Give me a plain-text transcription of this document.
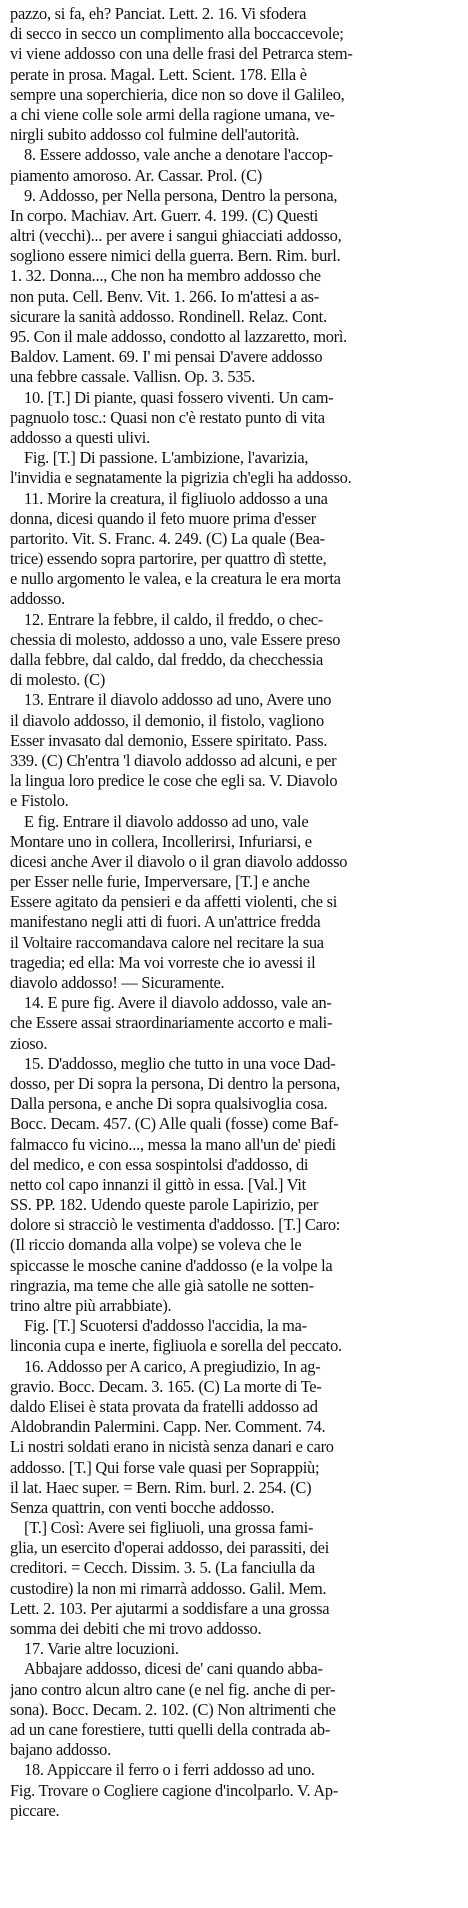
pazzo, si fa, eh? Panciat. Lett. 2. 16. Vi sfodera
di secco in secco un complimento alla boccaccevole;
vi viene addosso con una delle frasi del Petrarca stem-
perate in prosa. Magal. Lett. Scient. 178. Ella è
sempre una soperchieria, dice non so dove il Galileo,
a chi viene colle sole armi della ragione umana, ve-
nirgli subito addosso col fulmine dell'autorità.
8. Essere addosso, vale anche a denotare l'accop-
piamento amoroso. Ar. Cassar. Prol. (C)
9. Addosso, per Nella persona, Dentro la persona,
In corpo. Machiav. Art. Guerr. 4. 199. (C) Questi
altri (vecchi)... per avere i sangui ghiacciati addosso,
sogliono essere nimici della guerra. Bern. Rim. burl.
1. 32. Donna..., Che non ha membro addosso che
non puta. Cell. Benv. Vit. 1. 266. Io m'attesi a as-
sicurare la sanità addosso. Rondinell. Relaz. Cont.
95. Con il male addosso, condotto al lazzaretto, morì.
Baldov. Lament. 69. I' mi pensai D'avere addosso
una febbre cassale. Vallisn. Op. 3. 535.
10. [T.] Di piante, quasi fossero viventi. Un cam-
pagnuolo tosc.: Quasi non c'è restato punto di vita
addosso a questi ulivi.
Fig. [T.] Di passione. L'ambizione, l'avarizia,
l'invidia e segnatamente la pigrizia ch'egli ha addosso.
11. Morire la creatura, il figliuolo addosso a una
donna, dicesi quando il feto muore prima d'esser
partorito. Vit. S. Franc. 4. 249. (C) La quale (Bea-
trice) essendo sopra partorire, per quattro dì stette,
e nullo argomento le valea, e la creatura le era morta
addosso.
12. Entrare la febbre, il caldo, il freddo, o chec-
chessia di molesto, addosso a uno, vale Essere preso
dalla febbre, dal caldo, dal freddo, da checchessia
di molesto. (C)
13. Entrare il diavolo addosso ad uno, Avere uno
il diavolo addosso, il demonio, il fistolo, vagliono
Esser invasato dal demonio, Essere spiritato. Pass.
339. (C) Ch'entra 'l diavolo addosso ad alcuni, e per
la lingua loro predice le cose che egli sa. V. Diavolo
e Fistolo.
E fig. Entrare il diavolo addosso ad uno, vale
Montare uno in collera, Incollerirsi, Infuriarsi, e
dicesi anche Aver il diavolo o il gran diavolo addosso
per Esser nelle furie, Imperversare, [T.] e anche
Essere agitato da pensieri e da affetti violenti, che si
manifestano negli atti di fuori. A un'attrice fredda
il Voltaire raccomandava calore nel recitare la sua
tragedia; ed ella: Ma voi vorreste che io avessi il
diavolo addosso! — Sicuramente.
14. E pure fig. Avere il diavolo addosso, vale an-
che Essere assai straordinariamente accorto e mali-
zioso.
15. D'addosso, meglio che tutto in una voce Dad-
dosso, per Di sopra la persona, Di dentro la persona,
Dalla persona, e anche Di sopra qualsivoglia cosa.
Bocc. Decam. 457. (C) Alle quali (fosse) come Baf-
falmacco fu vicino..., messa la mano all'un de' piedi
del medico, e con essa sospintolsi d'addosso, di
netto col capo innanzi il gittò in essa. [Val.] Vit
SS. PP. 182. Udendo queste parole Lapirizio, per
dolore si stracciò le vestimenta d'addosso. [T.] Caro:
(Il riccio domanda alla volpe) se voleva che le
spiccasse le mosche canine d'addosso (e la volpe la
ringrazia, ma teme che alle già satolle ne sotten-
trino altre più arrabbiate).
Fig. [T.] Scuotersi d'addosso l'accidia, la ma-
linconia cupa e inerte, figliuola e sorella del peccato.
16. Addosso per A carico, A pregiudizio, In ag-
gravio. Bocc. Decam. 3. 165. (C) La morte di Te-
daldo Elisei è stata provata da fratelli addosso ad
Aldobrandin Palermini. Capp. Ner. Comment. 74.
Li nostri soldati erano in nicistà senza danari e caro
addosso. [T.] Qui forse vale quasi per Soprappiù;
il lat. Haec super. = Bern. Rim. burl. 2. 254. (C)
Senza quattrin, con venti bocche addosso.
[T.] Così: Avere sei figliuoli, una grossa fami-
glia, un esercito d'operai addosso, dei parassiti, dei
creditori. = Cecch. Dissim. 3. 5. (La fanciulla da
custodire) la non mi rimarrà addosso. Galil. Mem.
Lett. 2. 103. Per ajutarmi a soddisfare a una grossa
somma dei debiti che mi trovo addosso.
17. Varie altre locuzioni.
Abbajare addosso, dicesi de' cani quando abba-
jano contro alcun altro cane (e nel fig. anche di per-
sona). Bocc. Decam. 2. 102. (C) Non altrimenti che
ad un cane forestiere, tutti quelli della contrada ab-
bajano addosso.
18. Appiccare il ferro o i ferri addosso ad uno.
Fig. Trovare o Cogliere cagione d'incolparlo. V. Ap-
piccare.
